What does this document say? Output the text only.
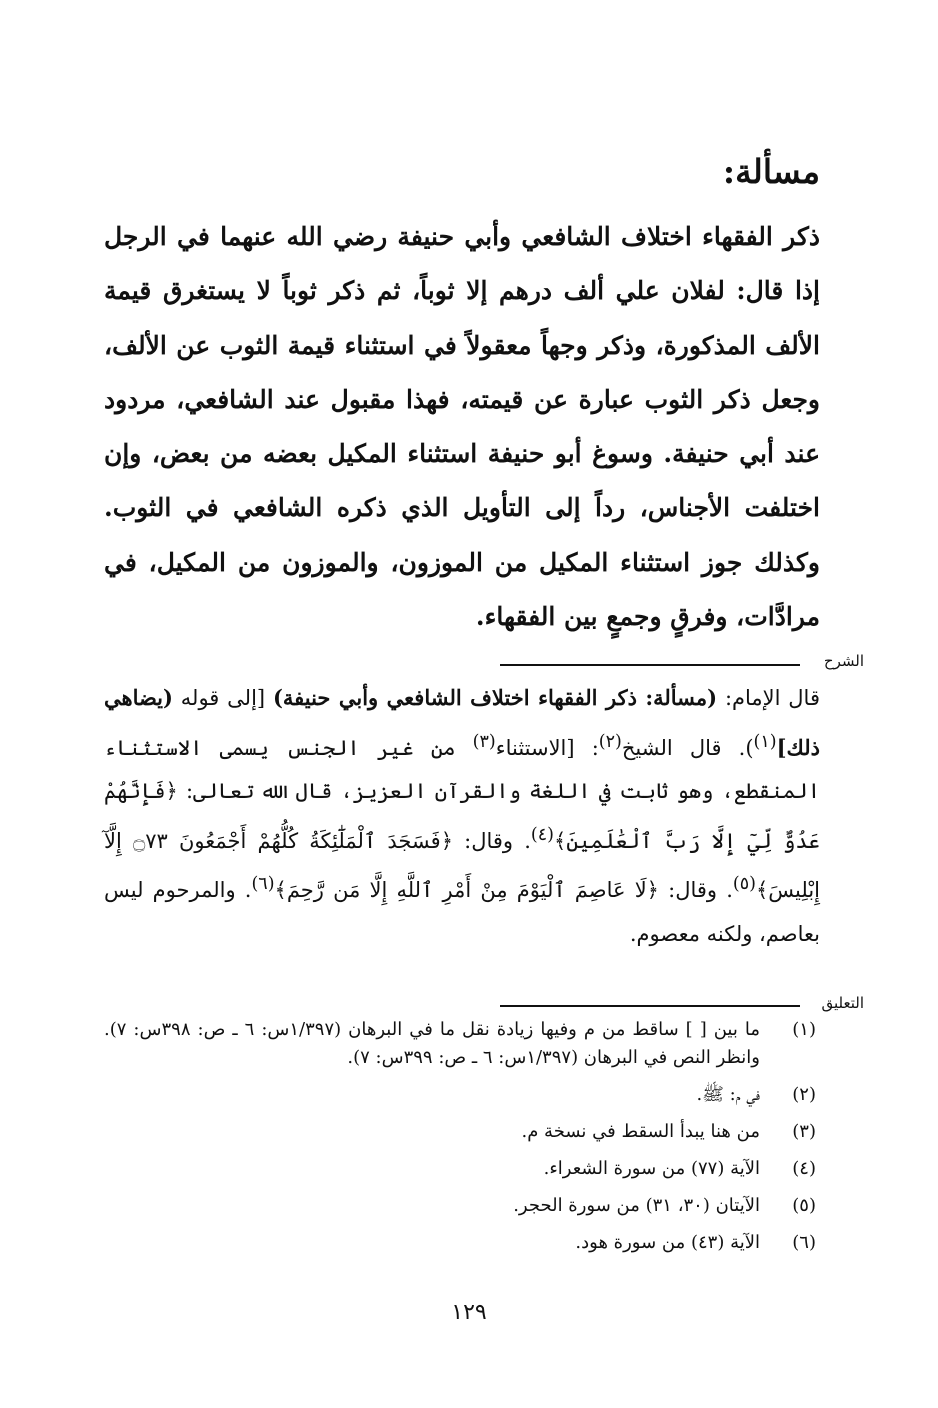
مسألة:

ذكر الفقهاء اختلاف الشافعي وأبي حنيفة رضي الله عنهما في الرجل إذا قال: لفلان علي ألف درهم إلا ثوباً، ثم ذكر ثوباً لا يستغرق قيمة الألف المذكورة، وذكر وجهاً معقولاً في استثناء قيمة الثوب عن الألف، وجعل ذكر الثوب عبارة عن قيمته، فهذا مقبول عند الشافعي، مردود عند أبي حنيفة. وسوغ أبو حنيفة استثناء المكيل بعضه من بعض، وإن اختلفت الأجناس، رداً إلى التأويل الذي ذكره الشافعي في الثوب. وكذلك جوز استثناء المكيل من الموزون، والموزون من المكيل، في مرادَّات، وفرقٍ وجمعٍ بين الفقهاء.

الشرح

قال الإمام: (مسألة: ذكر الفقهاء اختلاف الشافعي وأبي حنيفة) [إلى قوله (يضاهي ذلك]$^{(١)}$). قال الشيخ$^{(٢)}$: [الاستثناء$^{(٣)}$ من غير الجنس يسمى الاستثناء المنقطع، وهو ثابت في اللغة والقرآن العزيز، قال الله تعالى: ﴿فَإِنَّهُمْ عَدُوٌّ لِّيٓ إِلَّا رَبَّ ٱلْعَٰلَمِينَ﴾$^{(٤)}$. وقال: ﴿فَسَجَدَ ٱلْمَلَٰٓئِكَةُ كُلُّهُمْ أَجْمَعُونَ ۝٧٣ إِلَّآ إِبْلِيسَ﴾$^{(٥)}$. وقال: ﴿لَا عَاصِمَ ٱلْيَوْمَ مِنْ أَمْرِ ٱللَّهِ إِلَّا مَن رَّحِمَ﴾$^{(٦)}$. والمرحوم ليس بعاصم، ولكنه معصوم.

التعليق
(١)
ما بين [ ] ساقط من م وفيها زيادة نقل ما في البرهان (١/٣٩٧س: ٦ ـ ص: ٣٩٨س: ٧). وانظر النص في البرهان (١/٣٩٧س: ٦ ـ ص: ٣٩٩س: ٧).
(٢)
في م: ﷺ.
(٣)
من هنا يبدأ السقط في نسخة م.
(٤)
الآية (٧٧) من سورة الشعراء.
(٥)
الآيتان (٣٠، ٣١) من سورة الحجر.
(٦)
الآية (٤٣) من سورة هود.
١٢٩
